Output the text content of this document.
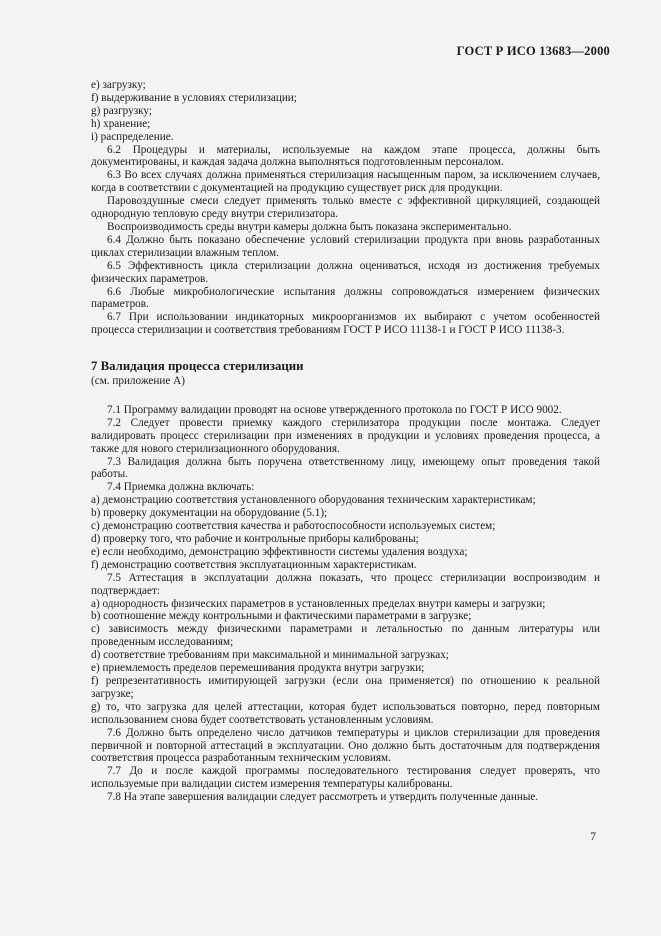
ГОСТ Р ИСО 13683—2000

e) загрузку;

f) выдерживание в условиях стерилизации;

g) разгрузку;

h) хранение;

i) распределение.

6.2 Процедуры и материалы, используемые на каждом этапе процесса, должны быть документированы, и каждая задача должна выполняться подготовленным персоналом.

6.3 Во всех случаях должна применяться стерилизация насыщенным паром, за исключением случаев, когда в соответствии с документацией на продукцию существует риск для продукции.

Паровоздушные смеси следует применять только вместе с эффективной циркуляцией, создающей однородную тепловую среду внутри стерилизатора.

Воспроизводимость среды внутри камеры должна быть показана экспериментально.

6.4 Должно быть показано обеспечение условий стерилизации продукта при вновь разработанных циклах стерилизации влажным теплом.

6.5 Эффективность цикла стерилизации должна оцениваться, исходя из достижения требуемых физических параметров.

6.6 Любые микробиологические испытания должны сопровождаться измерением физических параметров.

6.7 При использовании индикаторных микроорганизмов их выбирают с учетом особенностей процесса стерилизации и соответствия требованиям ГОСТ Р ИСО 11138-1 и ГОСТ Р ИСО 11138-3.

7 Валидация процесса стерилизации

(см. приложение А)

7.1 Программу валидации проводят на основе утвержденного протокола по ГОСТ Р ИСО 9002.

7.2 Следует провести приемку каждого стерилизатора продукции после монтажа. Следует валидировать процесс стерилизации при изменениях в продукции и условиях проведения процесса, а также для нового стерилизационного оборудования.

7.3 Валидация должна быть поручена ответственному лицу, имеющему опыт проведения такой работы.

7.4 Приемка должна включать:

a) демонстрацию соответствия установленного оборудования техническим характеристикам;

b) проверку документации на оборудование (5.1);

c) демонстрацию соответствия качества и работоспособности используемых систем;

d) проверку того, что рабочие и контрольные приборы калиброваны;

e) если необходимо, демонстрацию эффективности системы удаления воздуха;

f) демонстрацию соответствия эксплуатационным характеристикам.

7.5 Аттестация в эксплуатации должна показать, что процесс стерилизации воспроизводим и подтверждает:

a) однородность физических параметров в установленных пределах внутри камеры и загрузки;

b) соотношение между контрольными и фактическими параметрами в загрузке;

c) зависимость между физическими параметрами и летальностью по данным литературы или проведенным исследованиям;

d) соответствие требованиям при максимальной и минимальной загрузках;

e) приемлемость пределов перемешивания продукта внутри загрузки;

f) репрезентативность имитирующей загрузки (если она применяется) по отношению к реальной загрузке;

g) то, что загрузка для целей аттестации, которая будет использоваться повторно, перед повторным использованием снова будет соответствовать установленным условиям.

7.6 Должно быть определено число датчиков температуры и циклов стерилизации для проведения первичной и повторной аттестаций в эксплуатации. Оно должно быть достаточным для подтверждения соответствия процесса разработанным техническим условиям.

7.7 До и после каждой программы последовательного тестирования следует проверять, что используемые при валидации систем измерения температуры калиброваны.

7.8 На этапе завершения валидации следует рассмотреть и утвердить полученные данные.

7
